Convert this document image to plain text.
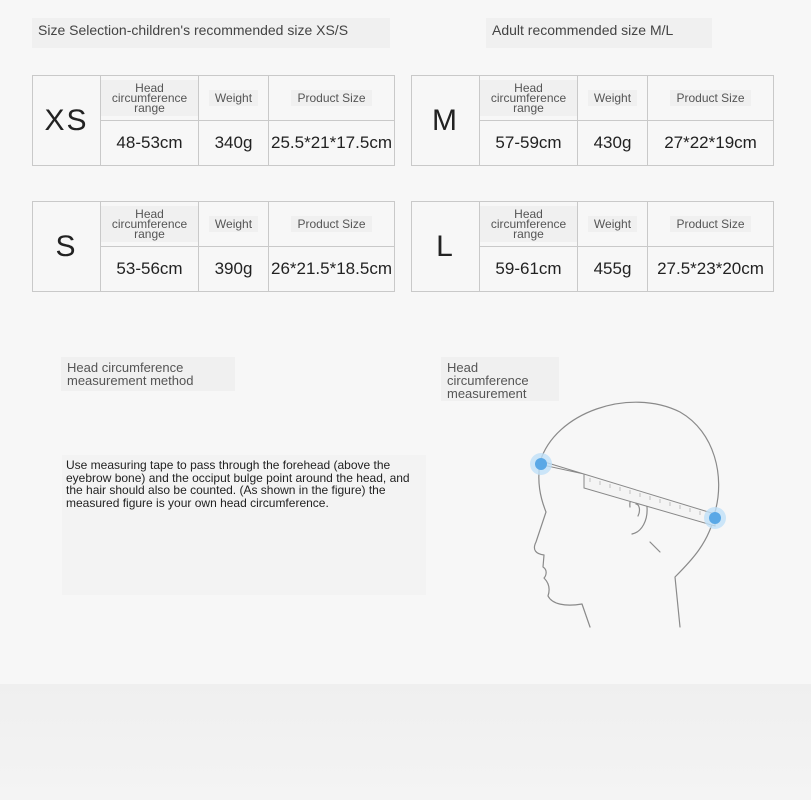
Size Selection-children's recommended size XS/S	Adult recommended size M/L
XS	Head circumference range	Weight	Product Size
	48-53cm	340g	25.5*21*17.5cm
M	Head circumference range	Weight	Product Size
	57-59cm	430g	27*22*19cm
S	Head circumference range	Weight	Product Size
	53-56cm	390g	26*21.5*18.5cm
L	Head circumference range	Weight	Product Size
	59-61cm	455g	27.5*23*20cm
Head circumference measurement method
Head circumference measurement
Use measuring tape to pass through the forehead (above the eyebrow bone) and the occiput bulge point around the head, and the hair should also be counted. (As shown in the figure) the measured figure is your own head circumference.
